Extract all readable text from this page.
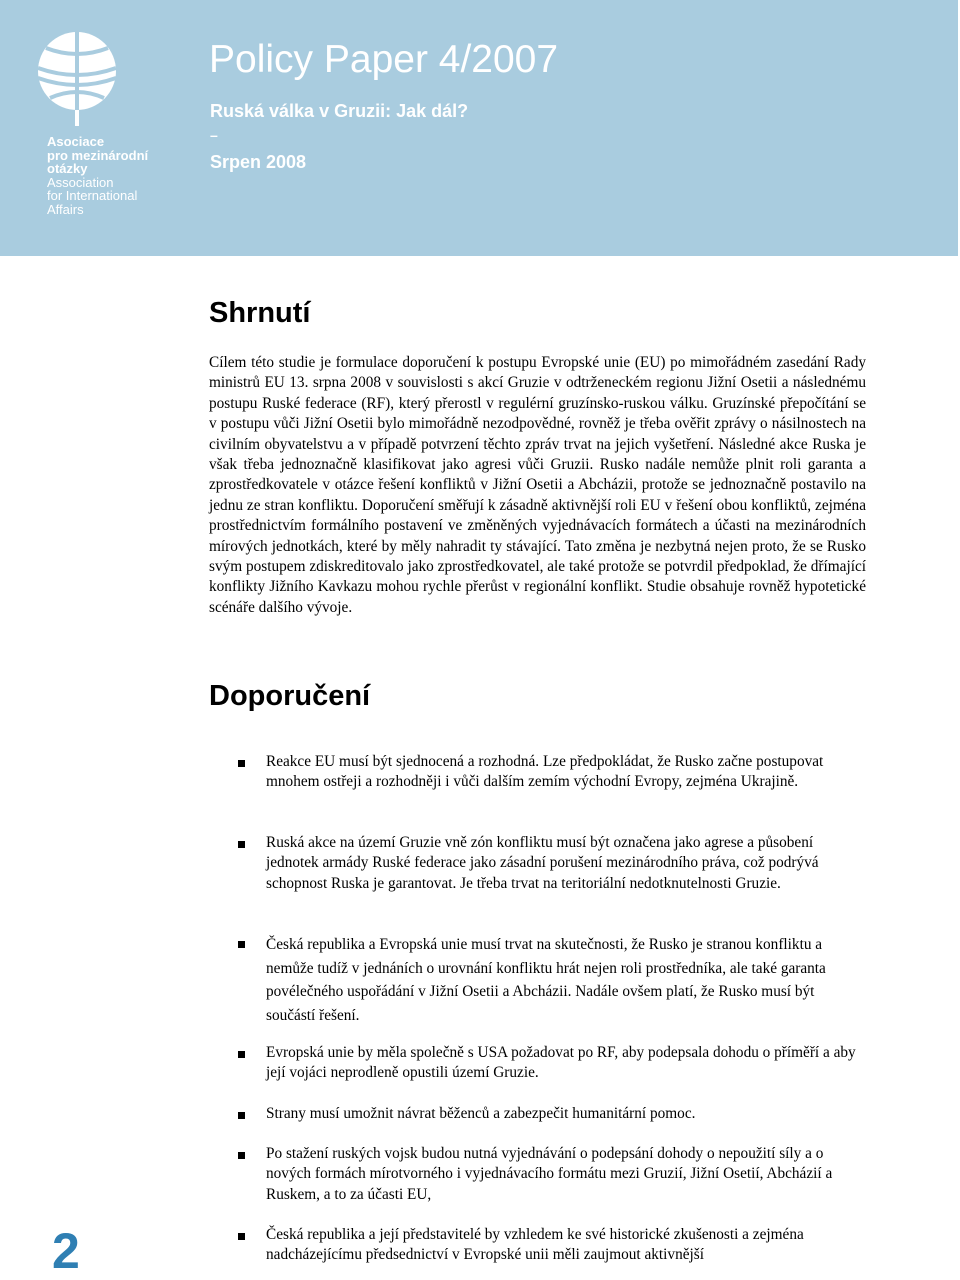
Asociace
pro mezinárodní
otázky
Association
for International
Affairs
Policy Paper 4/2007
Ruská válka v Gruzii: Jak dál?
–
Srpen 2008
Shrnutí

Cílem této studie je formulace doporučení k postupu Evropské unie (EU) po mimořádném zasedání Rady ministrů EU 13. srpna 2008 v souvislosti s akcí Gruzie v odtrženeckém regionu Jižní Osetii a následnému postupu Ruské federace (RF), který přerostl v regulérní gruzínsko-ruskou válku. Gruzínské přepočítání se v postupu vůči Jižní Osetii bylo mimořádně nezodpovědné, rovněž je třeba ověřit zprávy o násilnostech na civilním obyvatelstvu a v případě potvrzení těchto zpráv trvat na jejich vyšetření. Následné akce Ruska je však třeba jednoznačně klasifikovat jako agresi vůči Gruzii. Rusko nadále nemůže plnit roli garanta a zprostředkovatele v otázce řešení konfliktů v Jižní Osetii a Abcházii, protože se jednoznačně postavilo na jednu ze stran konfliktu. Doporučení směřují k zásadně aktivnější roli EU v řešení obou konfliktů, zejména prostřednictvím formálního postavení ve změněných vyjednávacích formátech a účasti na mezinárodních mírových jednotkách, které by měly nahradit ty stávající. Tato změna je nezbytná nejen proto, že se Rusko svým postupem zdiskreditovalo jako zprostředkovatel, ale také protože se potvrdil předpoklad, že dřímající konflikty Jižního Kavkazu mohou rychle přerůst v regionální konflikt. Studie obsahuje rovněž hypotetické scénáře dalšího vývoje.

Doporučení
Reakce EU musí být sjednocená a rozhodná. Lze předpokládat, že Rusko začne postupovat mnohem ostřeji a rozhodněji i vůči dalším zemím východní Evropy, zejména Ukrajině.
Ruská akce na území Gruzie vně zón konfliktu musí být označena jako agrese a působení jednotek armády Ruské federace jako zásadní porušení mezinárodního práva, což podrývá schopnost Ruska je garantovat. Je třeba trvat na teritoriální nedotknutelnosti Gruzie.
Česká republika a Evropská unie musí trvat na skutečnosti, že Rusko je stranou konfliktu a nemůže tudíž v jednáních o urovnání konfliktu hrát nejen roli prostředníka, ale také garanta povélečného uspořádání v Jižní Osetii a Abcházii. Nadále ovšem platí, že Rusko musí být součástí řešení.
Evropská unie by měla společně s USA požadovat po RF, aby podepsala dohodu o příměří a aby její vojáci neprodleně opustili území Gruzie.
Strany musí umožnit návrat běženců a zabezpečit humanitární pomoc.
Po stažení ruských vojsk budou nutná vyjednávání o podepsání dohody o nepoužití síly a o nových formách mírotvorného i vyjednávacího formátu mezi Gruzií, Jižní Osetií, Abcházií a Ruskem, a to za účasti EU,
Česká republika a její představitelé by vzhledem ke své historické zkušenosti a zejména nadcházejícímu předsednictví v Evropské unii měli zaujmout aktivnější
2
